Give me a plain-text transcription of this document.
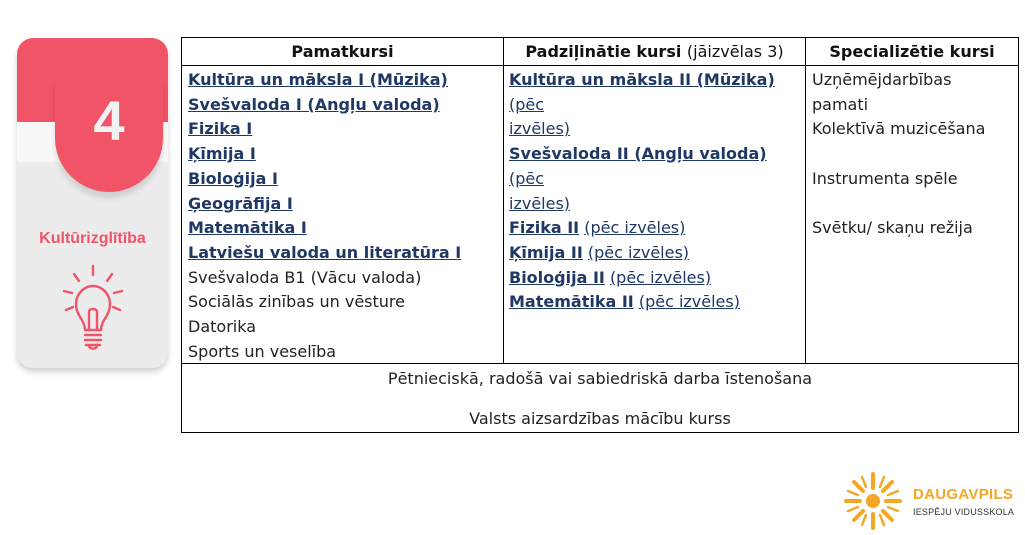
4
Kultūrizglītība
Pamatkursi	Padziļinātie kursi (jāizvēlas 3)	Specializētie kursi
Kultūra un māksla I (Mūzika)
Svešvaloda I (Angļu valoda)
Fizika I
Ķīmija I
Bioloģija I
Ģeogrāfija I
Matemātika I
Latviešu valoda un literatūra I
Svešvaloda B1 (Vācu valoda)
Sociālās zinības un vēsture
Datorika
Sports un veselība
Kultūra un māksla II (Mūzika) (pēc
izvēles)
Svešvaloda II (Angļu valoda) (pēc
izvēles)
Fizika II (pēc izvēles)
Ķīmija II (pēc izvēles)
Bioloģija II (pēc izvēles)
Matemātika II (pēc izvēles)
Uzņēmējdarbības
pamati
Kolektīvā muzicēšana
Instrumenta spēle
Svētku/ skaņu režija
Pētnieciskā, radošā vai sabiedriskā darba īstenošana
Valsts aizsardzības mācību kurss
DAUGAVPILS
IESPĒJU VIDUSSKOLA
